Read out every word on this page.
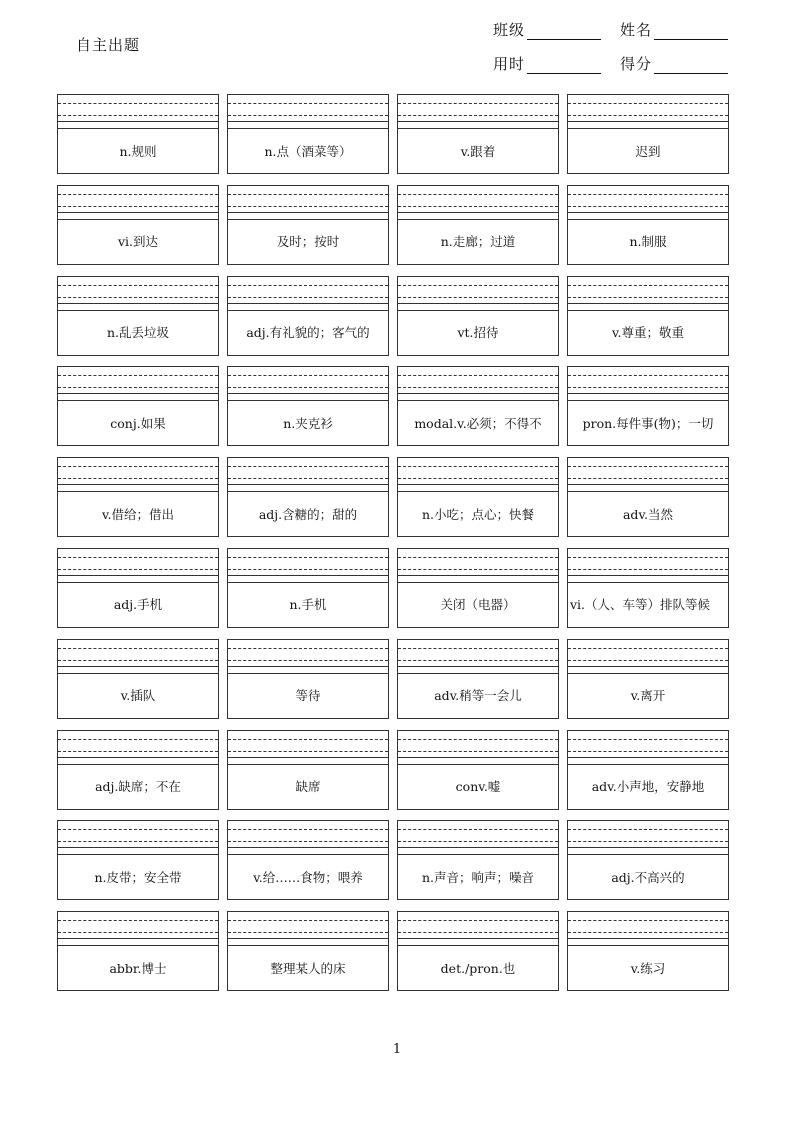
自主出题
班级	姓名
用时	得分
n.规则	n.点（酒菜等）	v.跟着	迟到
vi.到达	及时；按时	n.走廊；过道	n.制服
n.乱丢垃圾	adj.有礼貌的；客气的	vt.招待	v.尊重；敬重
conj.如果	n.夹克衫	modal.v.必须；不得不	pron.每件事(物)；一切
v.借给；借出	adj.含糖的；甜的	n.小吃；点心；快餐	adv.当然
adj.手机	n.手机	关闭（电器）	vi.（人、车等）排队等候
v.插队	等待	adv.稍等一会儿	v.离开
adj.缺席；不在	缺席	conv.嘘	adv.小声地，安静地
n.皮带；安全带	v.给……食物；喂养	n.声音；响声；噪音	adj.不高兴的
abbr.博士	整理某人的床	det./pron.也	v.练习
1
